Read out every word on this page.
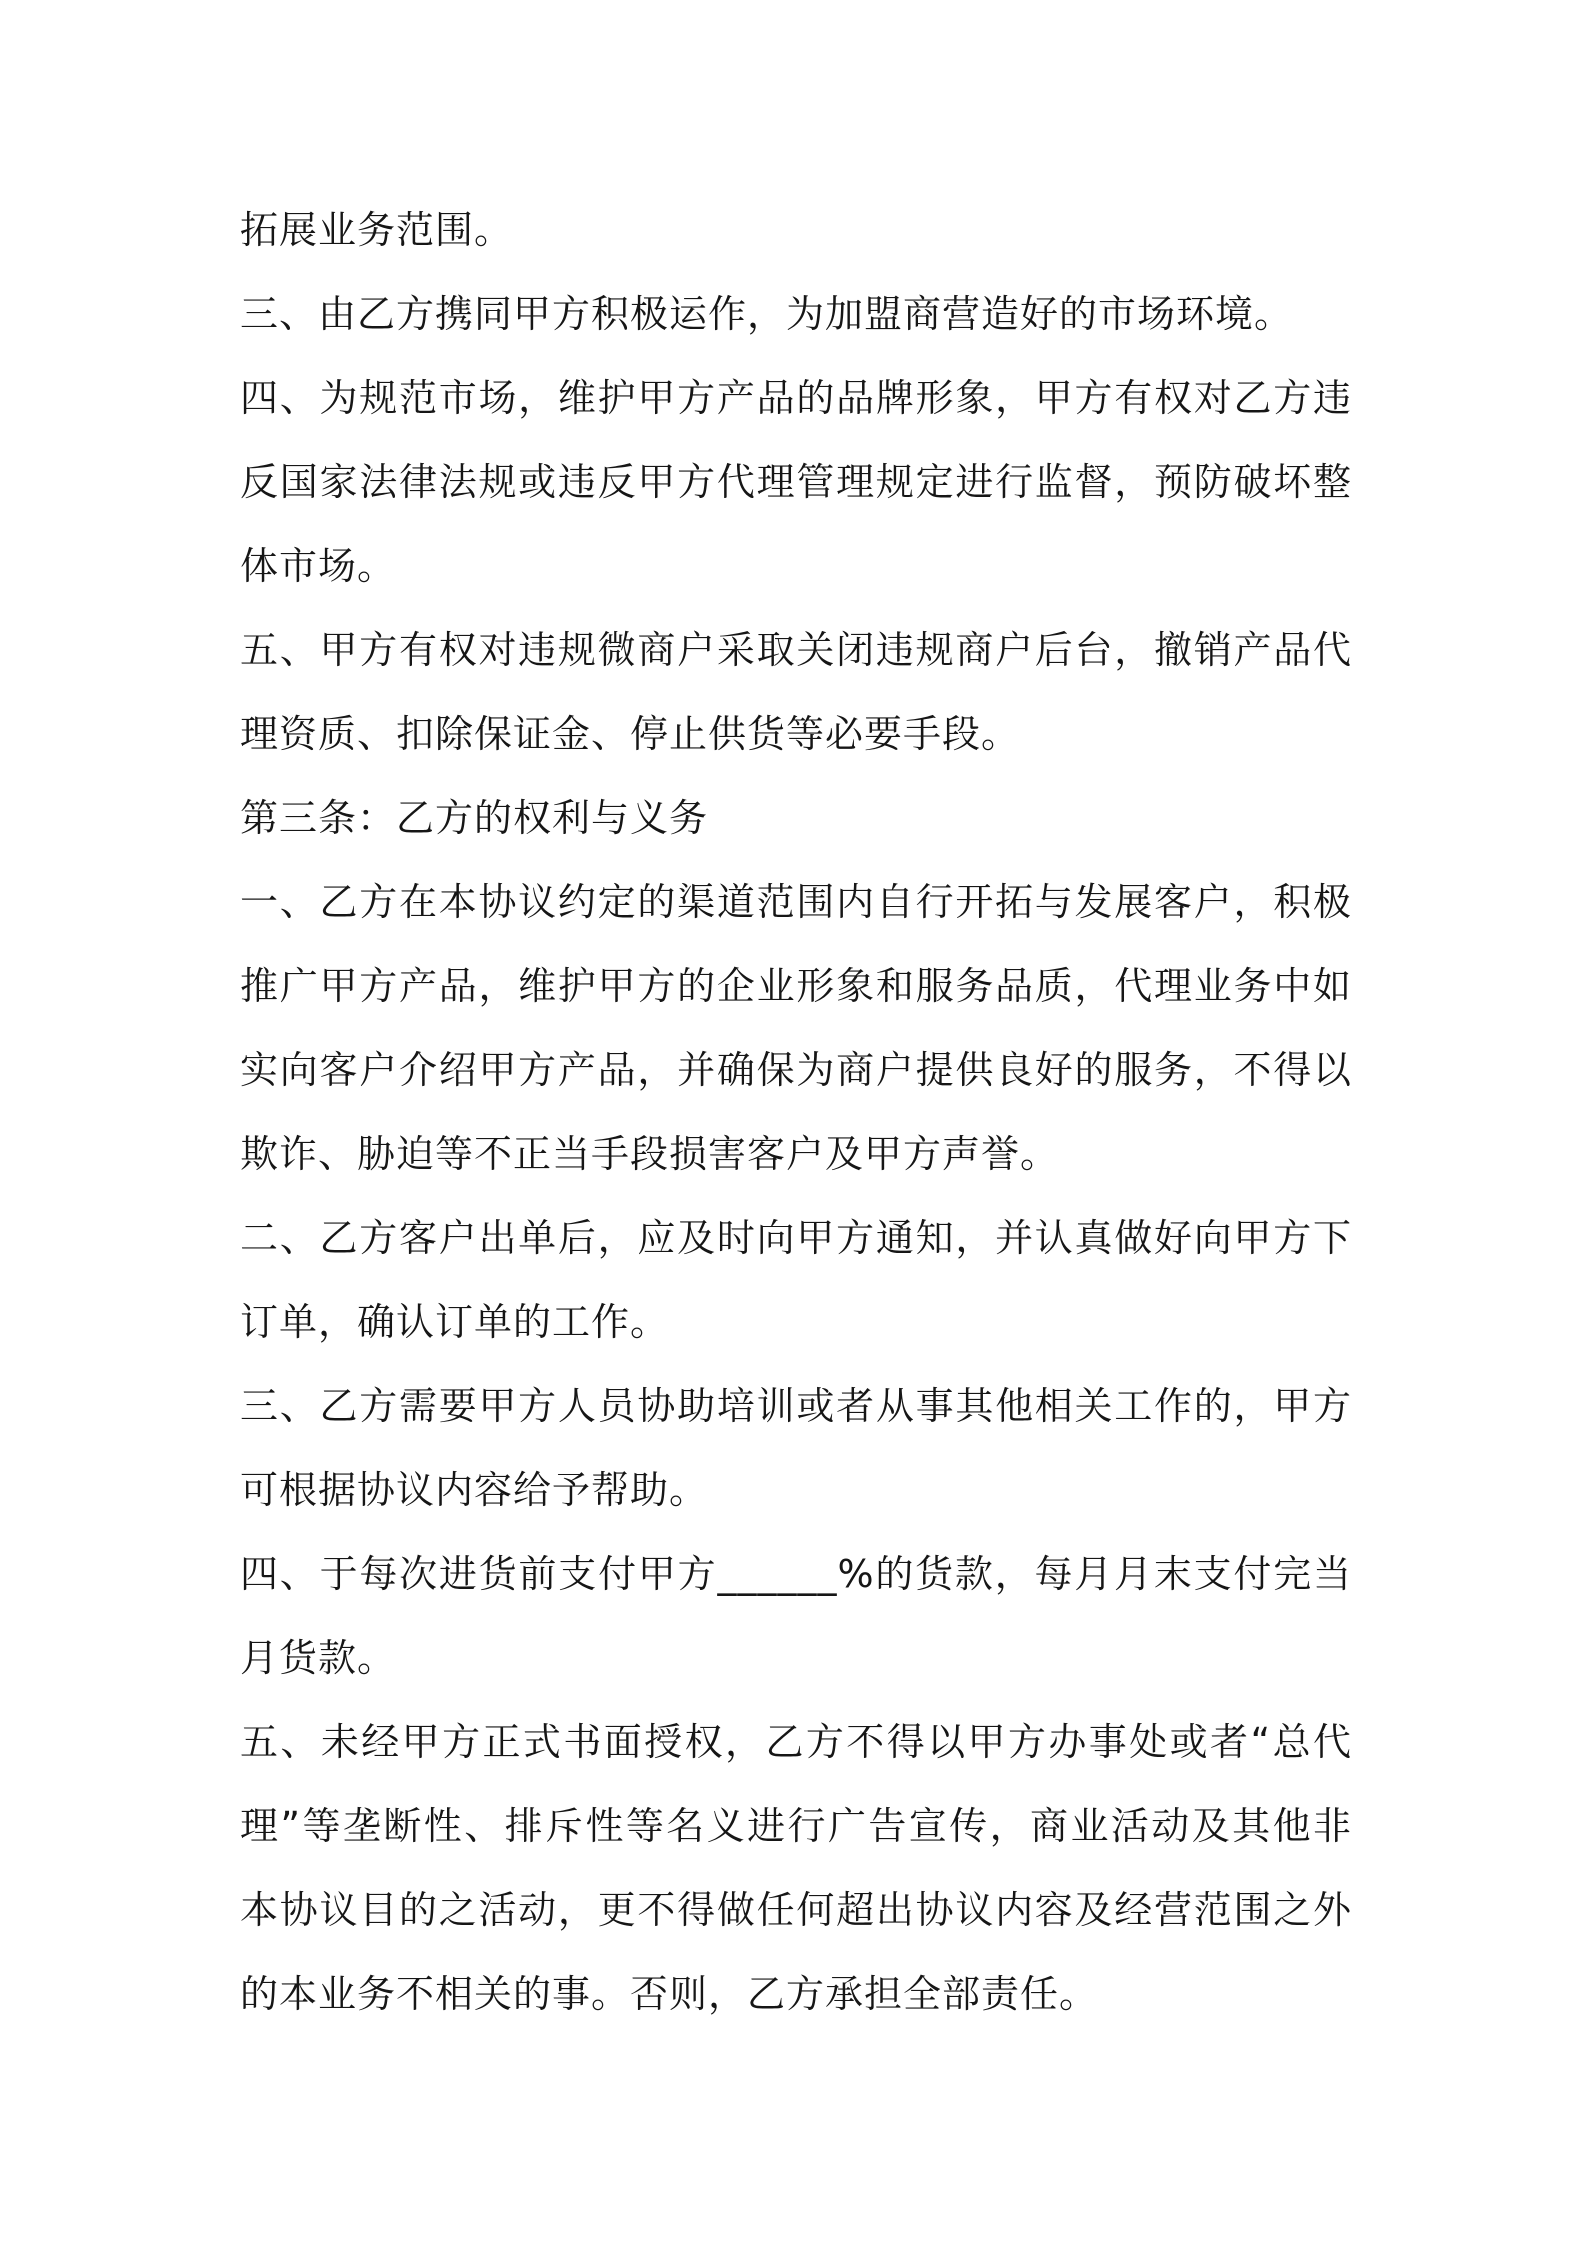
拓展业务范围。

三、由乙方携同甲方积极运作，为加盟商营造好的市场环境。

四、为规范市场，维护甲方产品的品牌形象，甲方有权对乙方违反国家法律法规或违反甲方代理管理规定进行监督，预防破坏整体市场。

五、甲方有权对违规微商户采取关闭违规商户后台，撤销产品代理资质、扣除保证金、停止供货等必要手段。

第三条：乙方的权利与义务

一、乙方在本协议约定的渠道范围内自行开拓与发展客户，积极推广甲方产品，维护甲方的企业形象和服务品质，代理业务中如实向客户介绍甲方产品，并确保为商户提供良好的服务，不得以欺诈、胁迫等不正当手段损害客户及甲方声誉。

二、乙方客户出单后，应及时向甲方通知，并认真做好向甲方下订单，确认订单的工作。

三、乙方需要甲方人员协助培训或者从事其他相关工作的，甲方可根据协议内容给予帮助。

四、于每次进货前支付甲方______%的货款，每月月末支付完当月货款。

五、未经甲方正式书面授权，乙方不得以甲方办事处或者“总代理”等垄断性、排斥性等名义进行广告宣传，商业活动及其他非本协议目的之活动，更不得做任何超出协议内容及经营范围之外的本业务不相关的事。否则，乙方承担全部责任。
